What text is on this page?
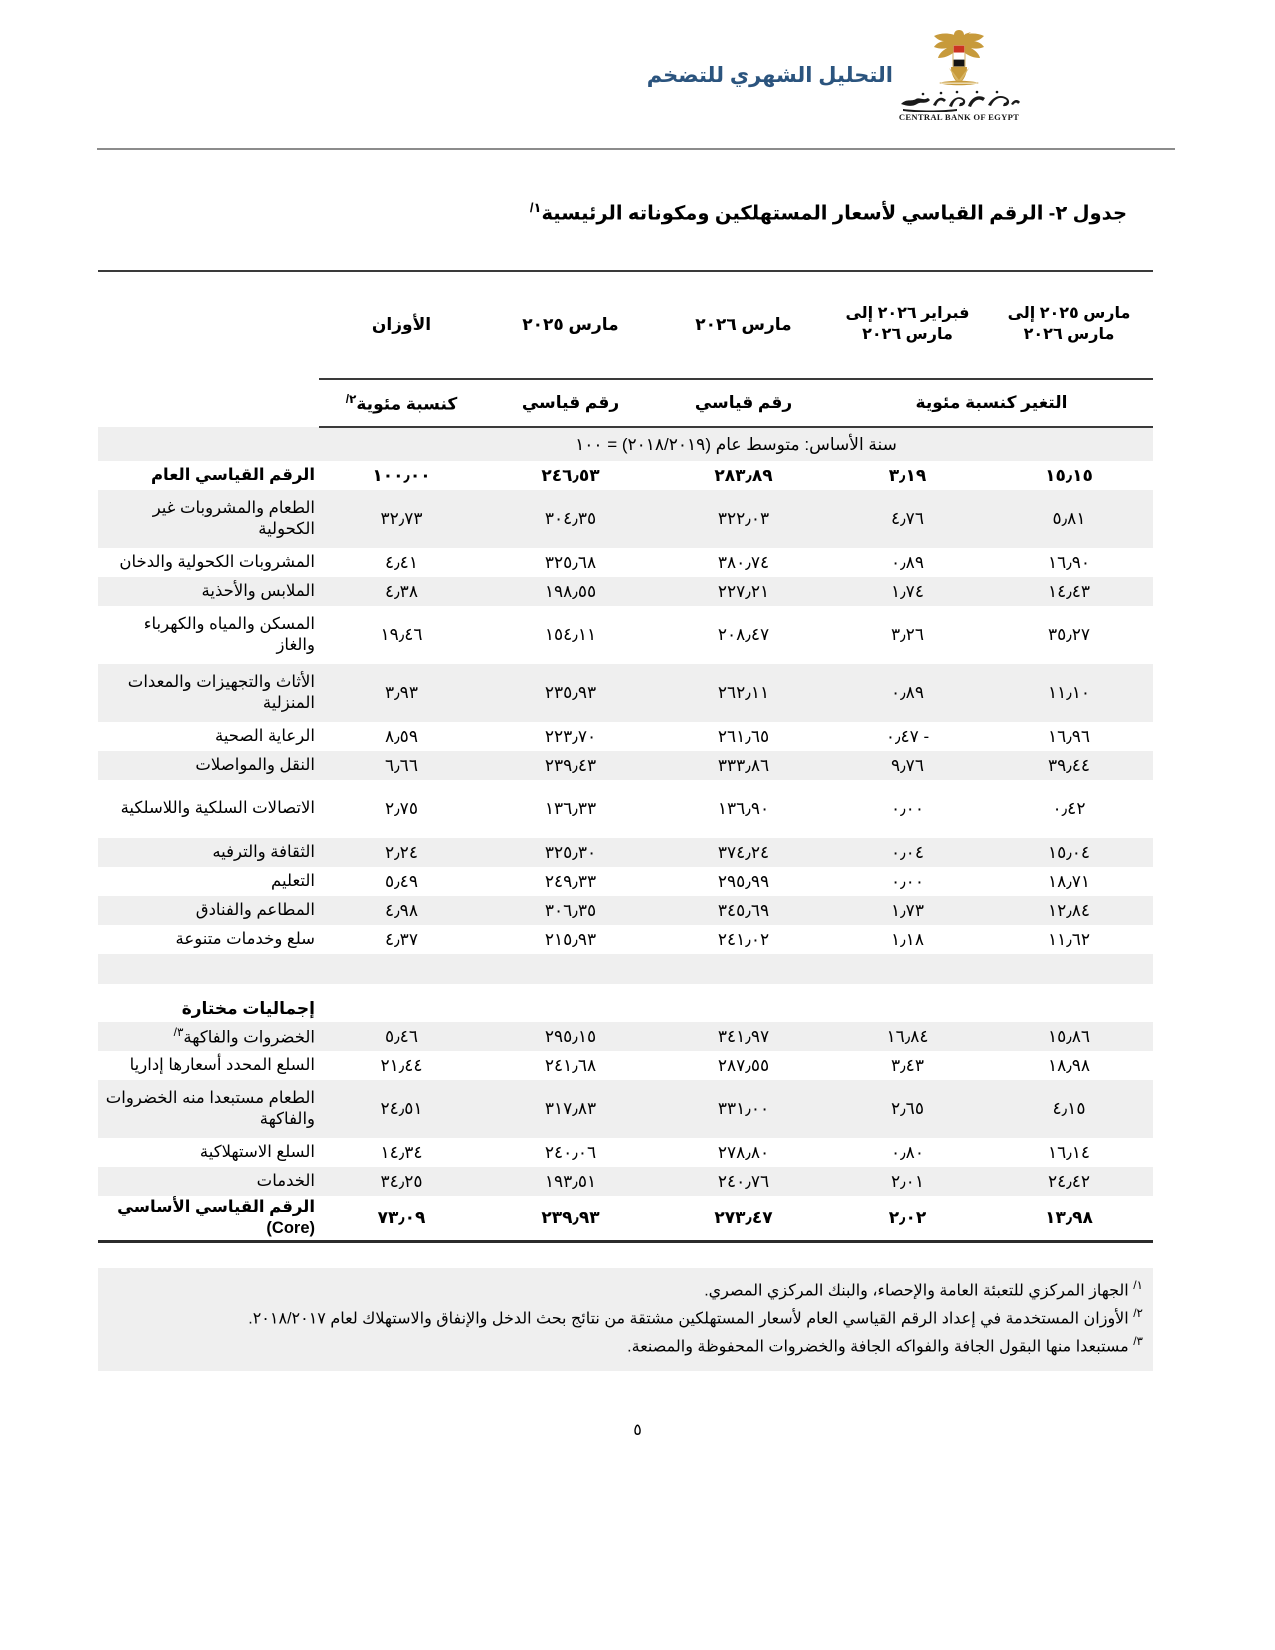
CENTRAL BANK OF EGYPT
التحليل الشهري للتضخم
جدول ٢- الرقم القياسي لأسعار المستهلكين ومكوناته الرئيسية$^{١/}$
مارس ٢٠٢٥ إلى مارس ٢٠٢٦	فبراير ٢٠٢٦ إلى مارس ٢٠٢٦	مارس ٢٠٢٦	مارس ٢٠٢٥	الأوزان	
التغير كنسبة مئوية		رقم قياسي	رقم قياسي	كنسبة مئوية$^{٢/}$	
سنة الأساس: متوسط عام (٢٠١٨/٢٠١٩) = ١٠٠					
١٥٫١٥	٣٫١٩	٢٨٣٫٨٩	٢٤٦٫٥٣	١٠٠٫٠٠	الرقم القياسي العام
٥٫٨١	٤٫٧٦	٣٢٢٫٠٣	٣٠٤٫٣٥	٣٢٫٧٣	الطعام والمشروبات غير الكحولية
١٦٫٩٠	٠٫٨٩	٣٨٠٫٧٤	٣٢٥٫٦٨	٤٫٤١	المشروبات الكحولية والدخان
١٤٫٤٣	١٫٧٤	٢٢٧٫٢١	١٩٨٫٥٥	٤٫٣٨	الملابس والأحذية
٣٥٫٢٧	٣٫٢٦	٢٠٨٫٤٧	١٥٤٫١١	١٩٫٤٦	المسكن والمياه والكهرباء والغاز
١١٫١٠	٠٫٨٩	٢٦٢٫١١	٢٣٥٫٩٣	٣٫٩٣	الأثاث والتجهيزات والمعدات المنزلية
١٦٫٩٦	- ٠٫٤٧	٢٦١٫٦٥	٢٢٣٫٧٠	٨٫٥٩	الرعاية الصحية
٣٩٫٤٤	٩٫٧٦	٣٣٣٫٨٦	٢٣٩٫٤٣	٦٫٦٦	النقل والمواصلات
٠٫٤٢	٠٫٠٠	١٣٦٫٩٠	١٣٦٫٣٣	٢٫٧٥	الاتصالات السلكية واللاسلكية
١٥٫٠٤	٠٫٠٤	٣٧٤٫٢٤	٣٢٥٫٣٠	٢٫٢٤	الثقافة والترفيه
١٨٫٧١	٠٫٠٠	٢٩٥٫٩٩	٢٤٩٫٣٣	٥٫٤٩	التعليم
١٢٫٨٤	١٫٧٣	٣٤٥٫٦٩	٣٠٦٫٣٥	٤٫٩٨	المطاعم والفنادق
١١٫٦٢	١٫١٨	٢٤١٫٠٢	٢١٥٫٩٣	٤٫٣٧	سلع وخدمات متنوعة

					إجماليات مختارة
١٥٫٨٦	١٦٫٨٤	٣٤١٫٩٧	٢٩٥٫١٥	٥٫٤٦	الخضروات والفاكهة$^{٣/}$
١٨٫٩٨	٣٫٤٣	٢٨٧٫٥٥	٢٤١٫٦٨	٢١٫٤٤	السلع المحدد أسعارها إداريا
٤٫١٥	٢٫٦٥	٣٣١٫٠٠	٣١٧٫٨٣	٢٤٫٥١	الطعام مستبعدا منه الخضروات والفاكهة
١٦٫١٤	٠٫٨٠	٢٧٨٫٨٠	٢٤٠٫٠٦	١٤٫٣٤	السلع الاستهلاكية
٢٤٫٤٢	٢٫٠١	٢٤٠٫٧٦	١٩٣٫٥١	٣٤٫٢٥	الخدمات
١٣٫٩٨	٢٫٠٢	٢٧٣٫٤٧	٢٣٩٫٩٣	٧٣٫٠٩	الرقم القياسي الأساسي (Core)
$^{١/}$ الجهاز المركزي للتعبئة العامة والإحصاء، والبنك المركزي المصري.
$^{٢/}$ الأوزان المستخدمة في إعداد الرقم القياسي العام لأسعار المستهلكين مشتقة من نتائج بحث الدخل والإنفاق والاستهلاك لعام ٢٠١٨/٢٠١٧.
$^{٣/}$ مستبعدا منها البقول الجافة والفواكه الجافة والخضروات المحفوظة والمصنعة.
٥
